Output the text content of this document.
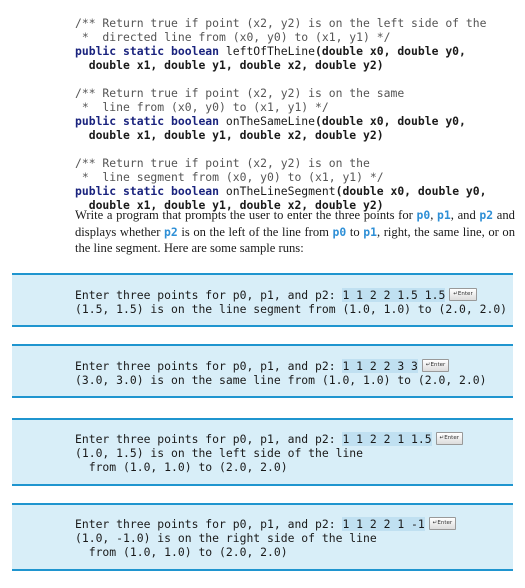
/** Return true if point (x2, y2) is on the left side of the
*  directed line from (x0, y0) to (x1, y1) */
public static boolean leftOfTheLine(double x0, double y0,
double x1, double y1, double x2, double y2)

/** Return true if point (x2, y2) is on the same
*  line from (x0, y0) to (x1, y1) */
public static boolean onTheSameLine(double x0, double y0,
double x1, double y1, double x2, double y2)

/** Return true if point (x2, y2) is on the
*  line segment from (x0, y0) to (x1, y1) */
public static boolean onTheLineSegment(double x0, double y0,
double x1, double y1, double x2, double y2)
Write a program that prompts the user to enter the three points for p0, p1, and p2 and displays whether p2 is on the left of the line from p0 to p1, right, the same line, or on the line segment. Here are some sample runs:
Enter three points for p0, p1, and p2: 1 1 2 2 1.5 1.5 ↵Enter
(1.5, 1.5) is on the line segment from (1.0, 1.0) to (2.0, 2.0)
Enter three points for p0, p1, and p2: 1 1 2 2 3 3 ↵Enter
(3.0, 3.0) is on the same line from (1.0, 1.0) to (2.0, 2.0)
Enter three points for p0, p1, and p2: 1 1 2 2 1 1.5 ↵Enter
(1.0, 1.5) is on the left side of the line
from (1.0, 1.0) to (2.0, 2.0)
Enter three points for p0, p1, and p2: 1 1 2 2 1 -1 ↵Enter
(1.0, -1.0) is on the right side of the line
from (1.0, 1.0) to (2.0, 2.0)
